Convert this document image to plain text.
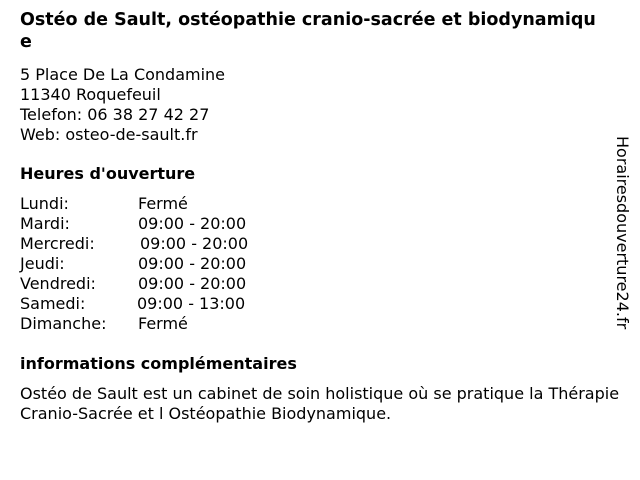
Ostéo de Sault, ostéopathie cranio-sacrée et biodynamique
5 Place De La Condamine
11340 Roquefeuil
Telefon: 06 38 27 42 27
Web: osteo-de-sault.fr
Heures d'ouverture
Lundi:	Fermé
Mardi:	09:00 - 20:00
Mercredi:	09:00 - 20:00
Jeudi:	09:00 - 20:00
Vendredi:	09:00 - 20:00
Samedi:	09:00 - 13:00
Dimanche: Fermé
informations complémentaires
Ostéo de Sault est un cabinet de soin holistique où se pratique la Thérapie Cranio-Sacrée et l Ostéopathie Biodynamique.
Horairesdouverture24.fr
